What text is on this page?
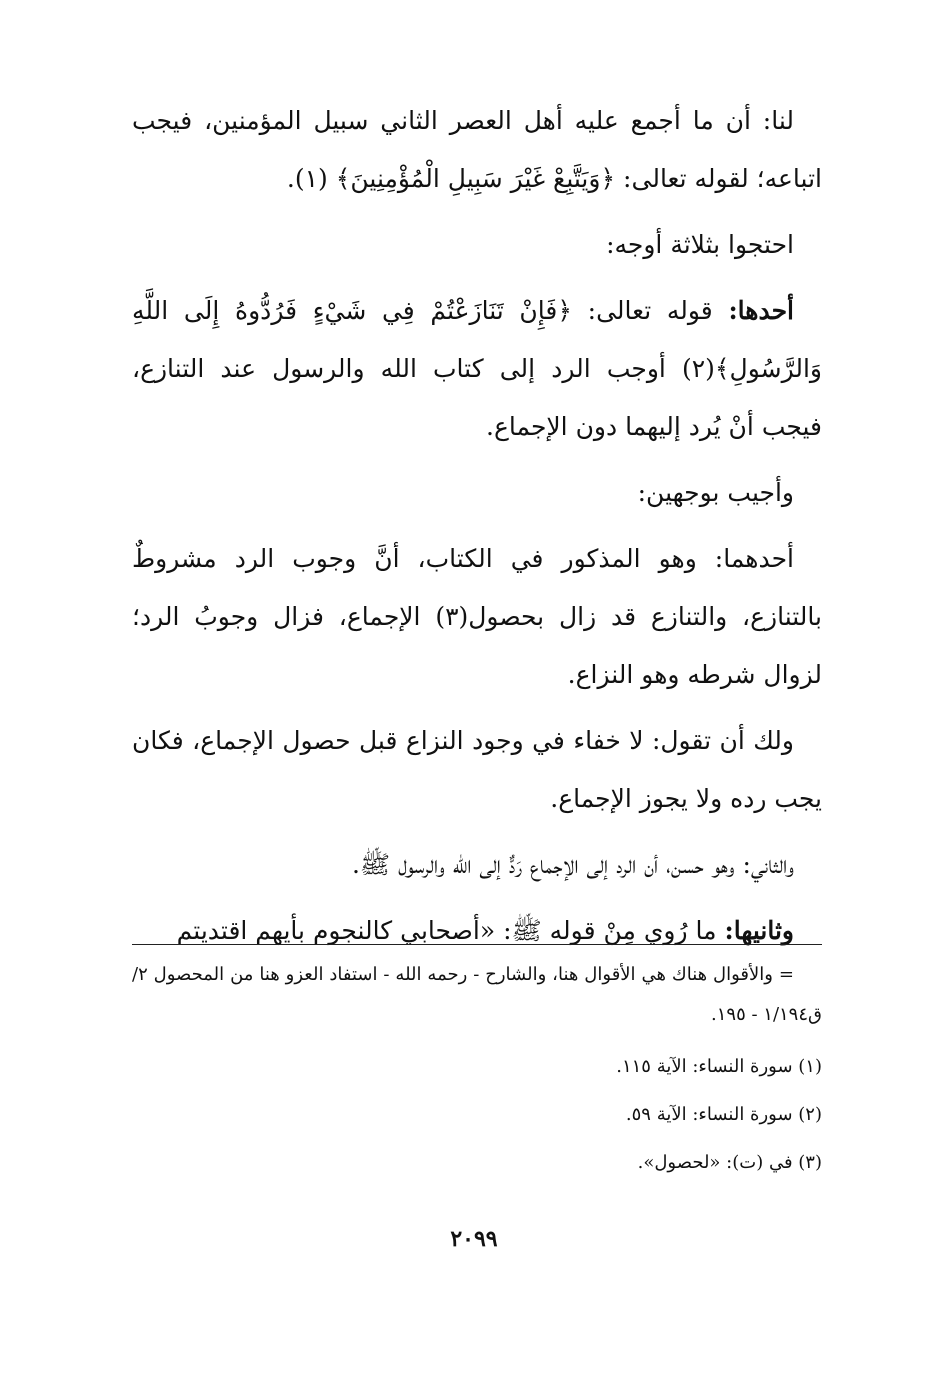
لنا: أن ما أجمع عليه أهل العصر الثاني سبيل المؤمنين، فيجب اتباعه؛ لقوله تعالى: ﴿وَيَتَّبِعْ غَيْرَ سَبِيلِ الْمُؤْمِنِينَ﴾ (١).

احتجوا بثلاثة أوجه:

أحدها: قوله تعالى: ﴿فَإِنْ تَنَازَعْتُمْ فِي شَيْءٍ فَرُدُّوهُ إِلَى اللَّهِ وَالرَّسُولِ﴾(٢) أوجب الرد إلى كتاب الله والرسول عند التنازع، فيجب أنْ يُرد إليهما دون الإجماع.

وأجيب بوجهين:

أحدهما: وهو المذكور في الكتاب، أنَّ وجوب الرد مشروطٌ بالتنازع، والتنازع قد زال بحصول(٣) الإجماع، فزال وجوبُ الرد؛ لزوال شرطه وهو النزاع.

ولك أن تقول: لا خفاء في وجود النزاع قبل حصول الإجماع، فكان يجب رده ولا يجوز الإجماع.

والثاني: وهو حسن، أن الرد إلى الإجماع رَدٌّ إلى الله والرسول ﷺ.

وثانيها: ما رُوي مِنْ قوله ﷺ: «أصحابي كالنجوم بأيهم اقتديتم

= والأقوال هناك هي الأقوال هنا، والشارح - رحمه الله - استفاد العزو هنا من المحصول ٢/ق١/١٩٤ - ١٩٥.

(١) سورة النساء: الآية ١١٥.

(٢) سورة النساء: الآية ٥٩.

(٣) في (ت): «لحصول».

٢٠٩٩
